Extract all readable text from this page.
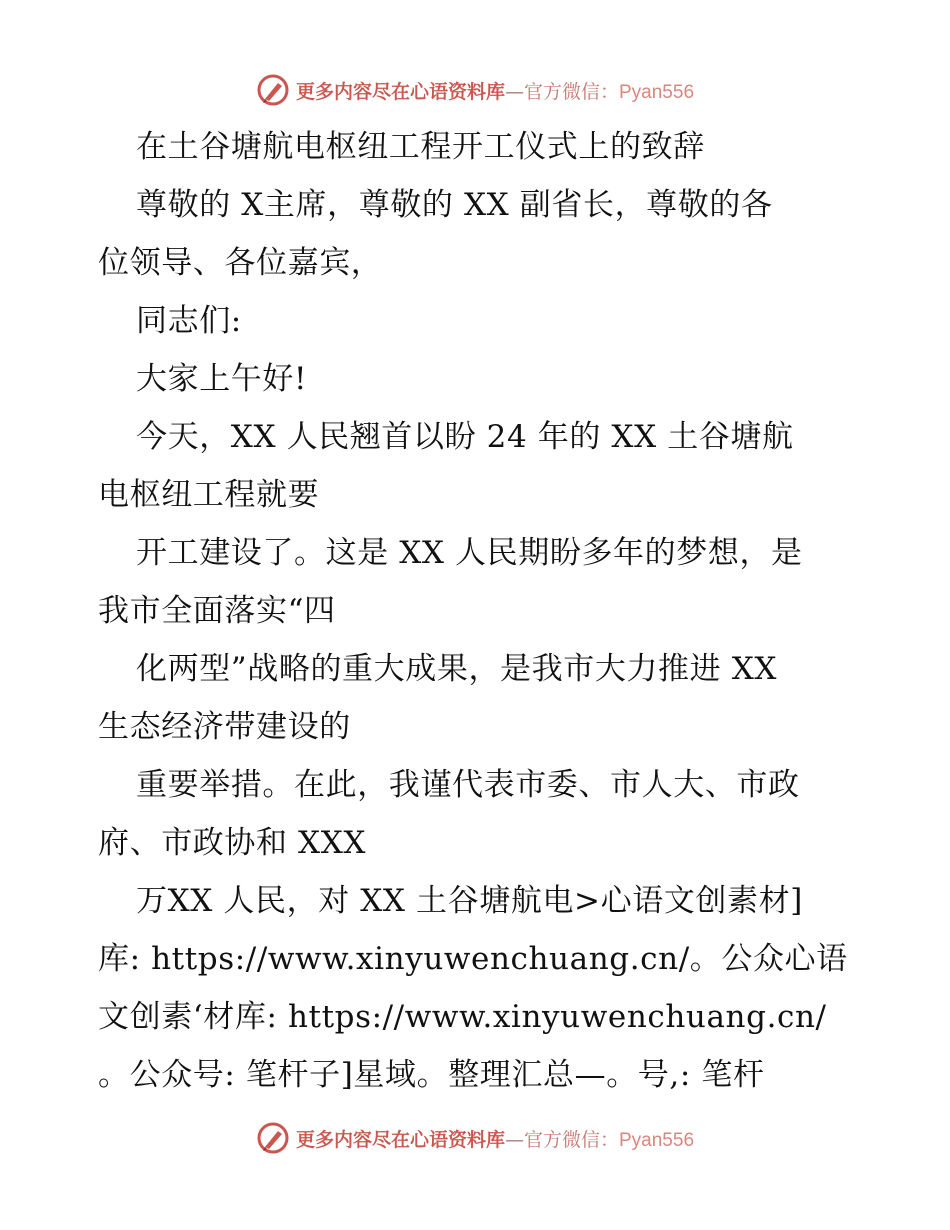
更多内容尽在心语资料库—官方微信：Pyan556
在土谷塘航电枢纽工程开工仪式上的致辞
尊敬的 X主席，尊敬的 XX 副省长，尊敬的各
位领导、各位嘉宾，
同志们:
大家上午好!
今天，XX 人民翘首以盼 24 年的 XX 土谷塘航
电枢纽工程就要
开工建设了。这是 XX 人民期盼多年的梦想，是
我市全面落实“四
化两型”战略的重大成果，是我市大力推进 XX
生态经济带建设的
重要举措。在此，我谨代表市委、市人大、市政
府、市政协和 XXX
万XX 人民，对 XX 土谷塘航电>心语文创素材]
库: https://www.xinyuwenchuang.cn/。公众心语
文创素‘材库: https://www.xinyuwenchuang.cn/
。公众号: 笔杆子]星域。整理汇总—。号,: 笔杆
更多内容尽在心语资料库—官方微信：Pyan556
